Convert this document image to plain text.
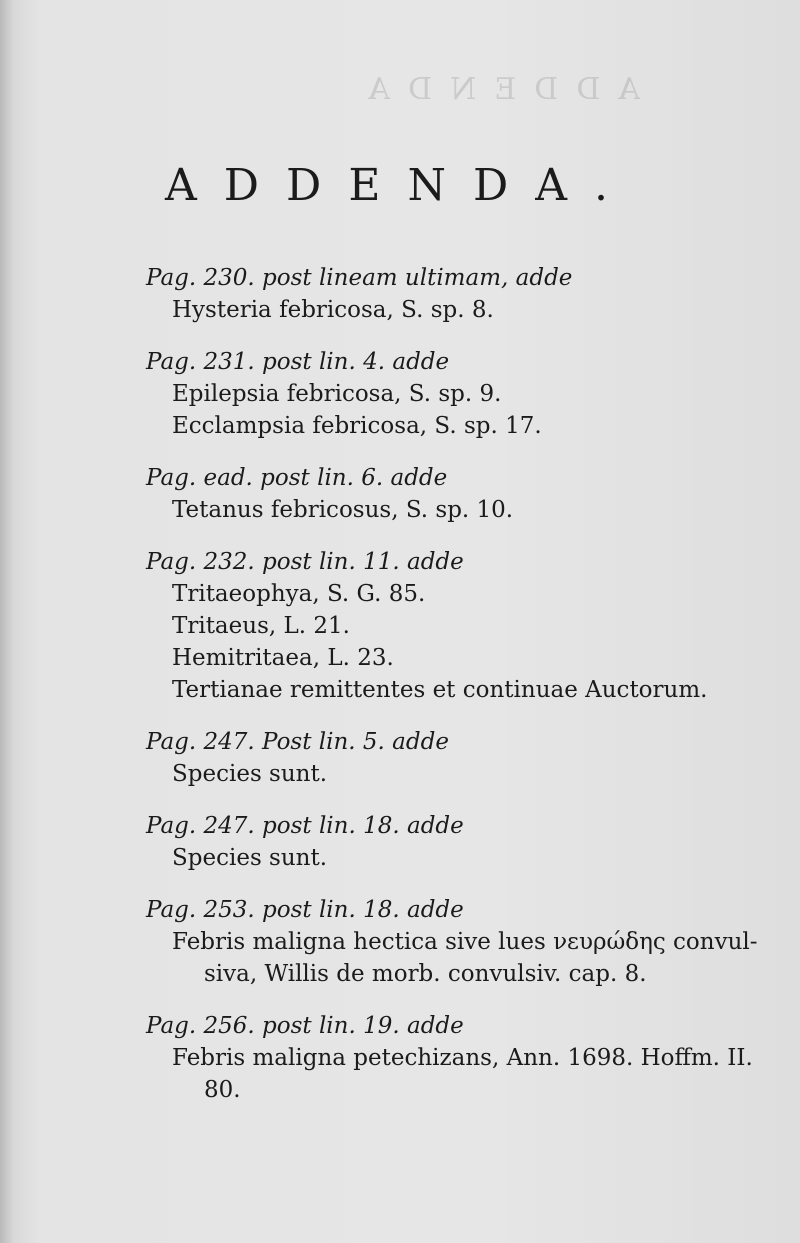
ADDENDA
ADDENDA.
Pag. 230. post lineam ultimam, adde
Hysteria febricosa, S. sp. 8.
Pag. 231. post lin. 4. adde
Epilepsia febricosa, S. sp. 9.
Ecclampsia febricosa, S. sp. 17.
Pag. ead. post lin. 6. adde
Tetanus febricosus, S. sp. 10.
Pag. 232. post lin. 11. adde
Tritaeophya, S. G. 85.
Tritaeus, L. 21.
Hemitritaea, L. 23.
Tertianae remittentes et continuae Auctorum.
Pag. 247. Post lin. 5. adde
Species sunt.
Pag. 247. post lin. 18. adde
Species sunt.
Pag. 253. post lin. 18. adde
Febris maligna hectica sive lues νευρώδης convul-
siva, Willis de morb. convulsiv. cap. 8.
Pag. 256. post lin. 19. adde
Febris maligna petechizans, Ann. 1698. Hoffm. II.
80.
